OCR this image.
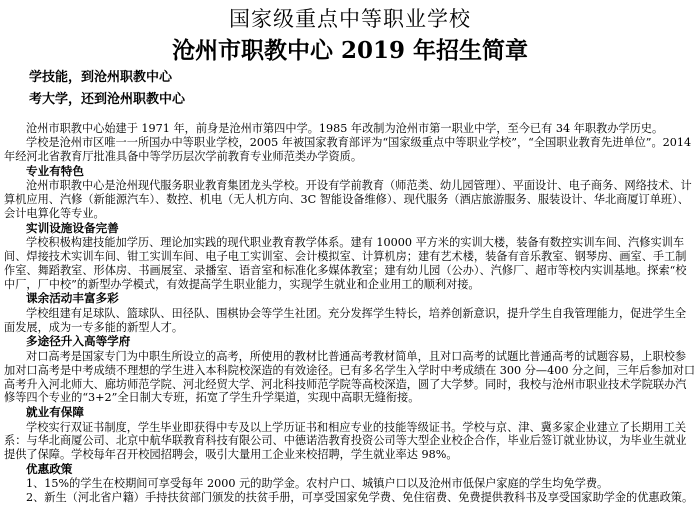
国家级重点中等职业学校
沧州市职教中心 2019 年招生简章
学技能，到沧州职教中心
考大学，还到沧州职教中心

沧州市职教中心始建于 1971 年，前身是沧州市第四中学。1985 年改制为沧州市第一职业中学，至今已有 34 年职教办学历史。

学校是沧州市区唯一一所国办中等职业学校，2005 年被国家教育部评为“国家级重点中等职业学校”，“全国职业教育先进单位”。2014 年经河北省教育厅批准具备中等学历层次学前教育专业师范类办学资质。

专业有特色

沧州市职教中心是沧州现代服务职业教育集团龙头学校。开设有学前教育（师范类、幼儿园管理）、平面设计、电子商务、网络技术、计算机应用、汽修（新能源汽车）、数控、机电（无人机方向、3C 智能设备维修）、现代服务（酒店旅游服务、服装设计、华北商厦订单班）、会计电算化等专业。

实训设施设备完善

学校积极构建技能加学历、理论加实践的现代职业教育教学体系。建有 10000 平方米的实训大楼，装备有数控实训车间、汽修实训车间、焊接技术实训车间、钳工实训车间、电子电工实训室、会计模拟室、计算机房；建有艺术楼，装备有音乐教室、钢琴房、画室、手工制作室、舞蹈教室、形体房、书画展室、录播室、语音室和标准化多媒体教室；建有幼儿园（公办）、汽修厂、超市等校内实训基地。探索“校中厂，厂中校”的新型办学模式，有效提高学生职业能力，实现学生就业和企业用工的顺利对接。

课余活动丰富多彩

学校组建有足球队、篮球队、田径队、围棋协会等学生社团。充分发挥学生特长，培养创新意识，提升学生自我管理能力，促进学生全面发展，成为一专多能的新型人才。

多途径升入高等学府

对口高考是国家专门为中职生所设立的高考，所使用的教材比普通高考教材简单，且对口高考的试题比普通高考的试题容易，上职校参加对口高考是中考成绩不理想的学生进入本科院校深造的有效途径。已有多名学生入学时中考成绩在 300 分—400 分之间，三年后参加对口高考升入河北师大、廊坊师范学院、河北经贸大学、河北科技师范学院等高校深造，圆了大学梦。同时，我校与沧州市职业技术学院联办汽修等四个专业的“3+2”全日制大专班，拓宽了学生升学渠道，实现中高职无缝衔接。

就业有保障

学校实行双证书制度，学生毕业即获得中专及以上学历证书和相应专业的技能等级证书。学校与京、津、冀多家企业建立了长期用工关系：与华北商厦公司、北京中航华联教育科技有限公司、中德诺浩教育投资公司等大型企业校企合作，毕业后签订就业协议，为毕业生就业提供了保障。学校每年召开校园招聘会，吸引大量用工企业来校招聘，学生就业率达 98%。

优惠政策

1、15%的学生在校期间可享受每年 2000 元的助学金。农村户口、城镇户口以及沧州市低保户家庭的学生均免学费。

2、新生（河北省户籍）手持扶贫部门颁发的扶贫手册，可享受国家免学费、免住宿费、免费提供教科书及享受国家助学金的优惠政策。
